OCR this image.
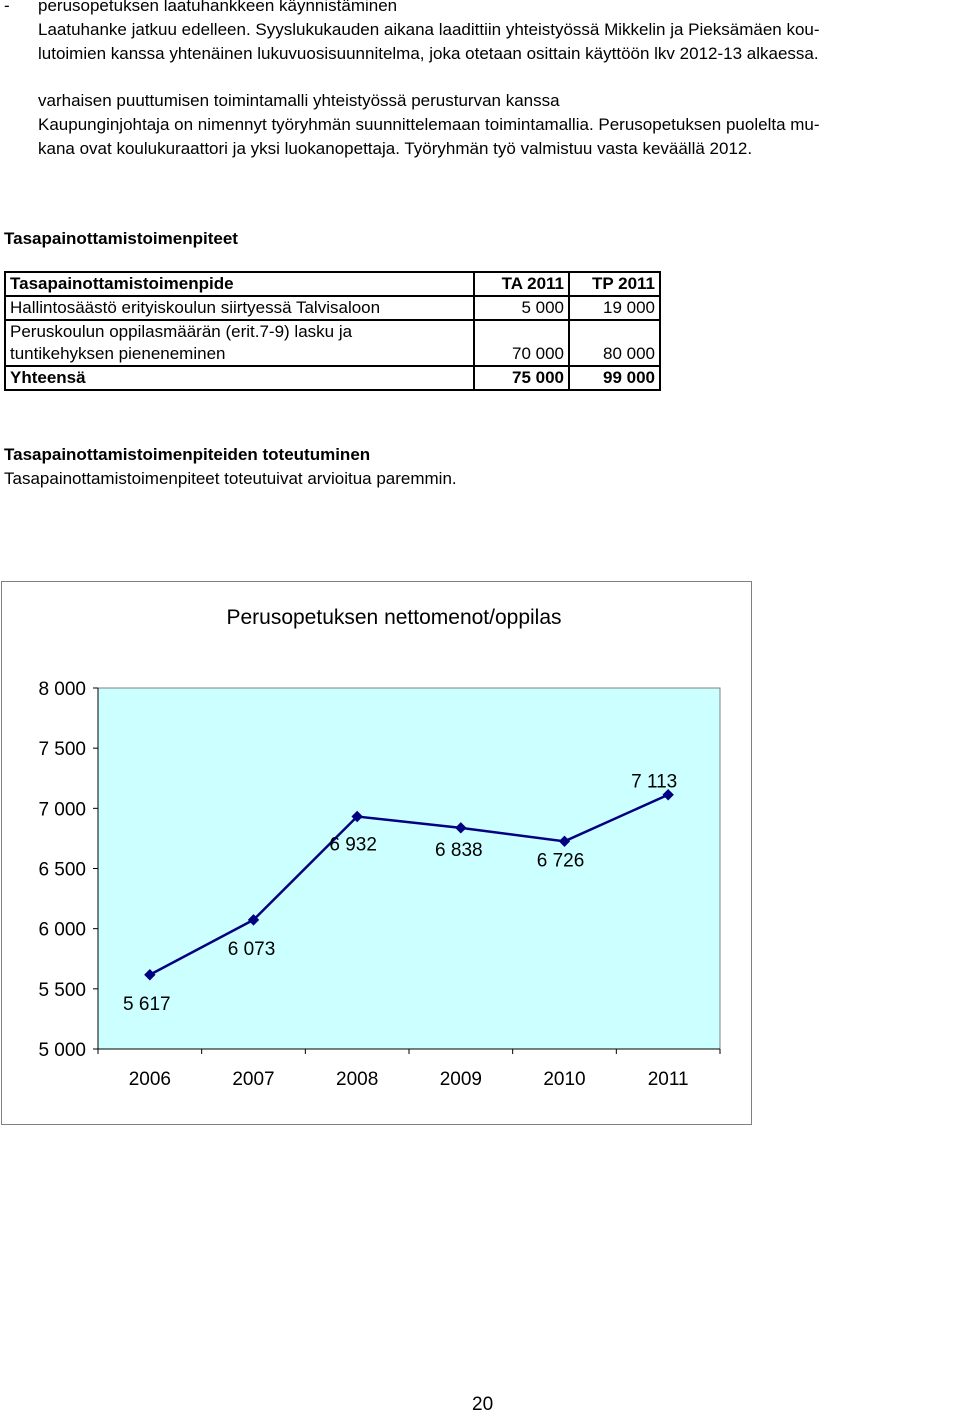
- perusopetuksen laatuhankkeen käynnistäminen
Laatuhanke jatkuu edelleen. Syyslukukauden aikana laadittiin yhteistyössä Mikkelin ja Pieksämäen kou-
lutoimien kanssa yhtenäinen lukuvuosisuunnitelma, joka otetaan osittain käyttöön lkv 2012-13 alkaessa.
varhaisen puuttumisen toimintamalli yhteistyössä perusturvan kanssa
Kaupunginjohtaja on nimennyt työryhmän suunnittelemaan toimintamallia. Perusopetuksen puolelta mu-
kana ovat koulukuraattori ja yksi luokanopettaja. Työryhmän työ valmistuu vasta keväällä 2012.
Tasapainottamistoimenpiteet
Tasapainottamistoimenpide	TA 2011	TP 2011
Hallintosäästö erityiskoulun siirtyessä Talvisaloon	5 000	19 000
Peruskoulun oppilasmäärän (erit.7-9) lasku ja		
tuntikehyksen pieneneminen	70 000	80 000
Yhteensä	75 000	99 000
Tasapainottamistoimenpiteiden toteutuminen
Tasapainottamistoimenpiteet toteutuivat arvioitua paremmin.
Perusopetuksen nettomenot/oppilas
5 000
5 500
6 000
6 500
7 000
7 500
8 000
2006	2007	2008	2009	2010	2011
5 617
6 073
6 932	6 838	6 726
7 113
20
